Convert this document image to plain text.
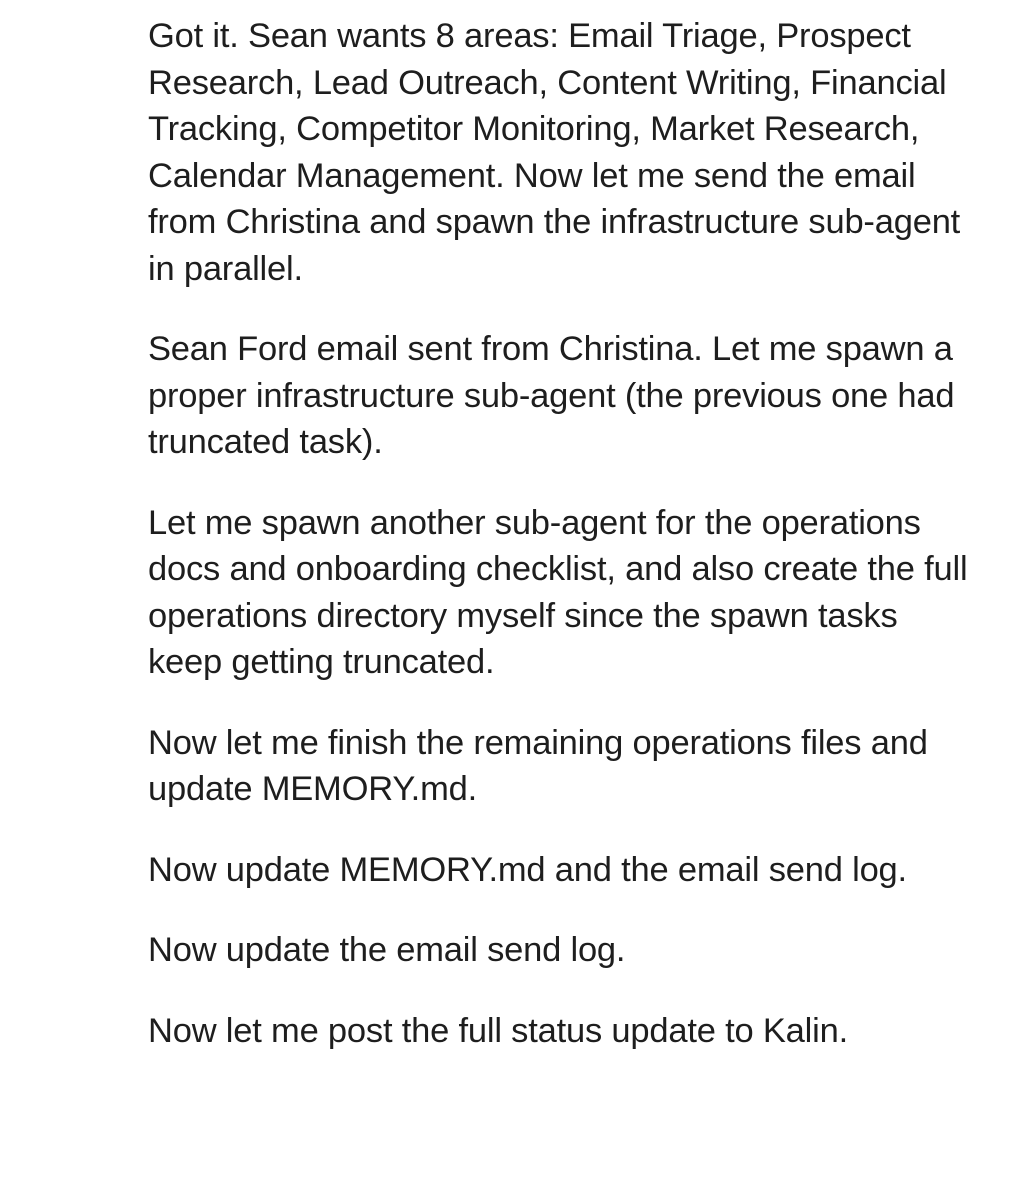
Got it. Sean wants 8 areas: Email Triage, Prospect Research, Lead Outreach, Content Writing, Financial Tracking, Competitor Monitoring, Market Research, Calendar Management. Now let me send the email from Christina and spawn the infrastructure sub-agent in parallel.

Sean Ford email sent from Christina. Let me spawn a proper infrastructure sub-agent (the previous one had truncated task).

Let me spawn another sub-agent for the operations docs and onboarding checklist, and also create the full operations directory myself since the spawn tasks keep getting truncated.

Now let me finish the remaining operations files and update MEMORY.md.

Now update MEMORY.md and the email send log.

Now update the email send log.

Now let me post the full status update to Kalin.
